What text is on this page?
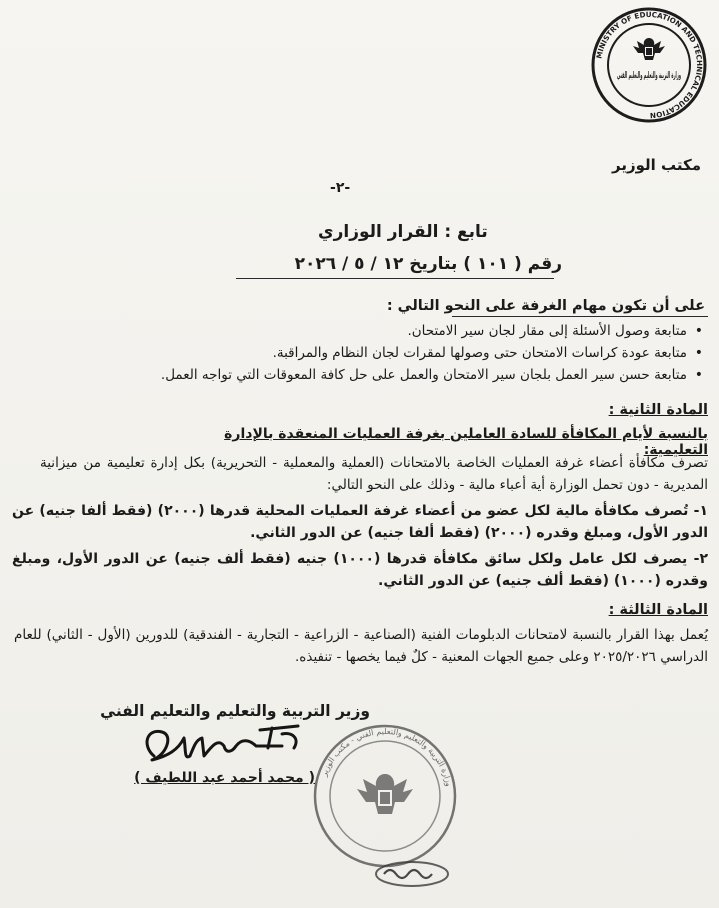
MINISTRY OF EDUCATION AND TECHNICAL EDUCATION
وزارة التربية والتعليم والتعليم الفني
مكتب الوزير
-٢-
تابع : القرار الوزاري
رقم ( ١٠١ ) بتاريخ ١٢ / ٥ / ٢٠٢٦
على أن تكون مهام الغرفة على النحو التالي :
• متابعة وصول الأسئلة إلى مقار لجان سير الامتحان.
• متابعة عودة كراسات الامتحان حتى وصولها لمقرات لجان النظام والمراقبة.
• متابعة حسن سير العمل بلجان سير الامتحان والعمل على حل كافة المعوقات التي تواجه العمل.
المادة الثانية :
بالنسبة لأيام المكافأة للسادة العاملين بغرفة العمليات المنعقدة بالإدارة التعليمية:
تصرف مكافأة أعضاء غرفة العمليات الخاصة بالامتحانات (العملية والمعملية - التحريرية) بكل إدارة تعليمية من ميزانية المديرية - دون تحمل الوزارة أية أعباء مالية - وذلك على النحو التالي:
١- تُصرف مكافأة مالية لكل عضو من أعضاء غرفة العمليات المحلية قدرها (٢٠٠٠) (فقط ألفا جنيه) عن الدور الأول، ومبلغ وقدره (٢٠٠٠) (فقط ألفا جنيه) عن الدور الثاني.
٢- يصرف لكل عامل ولكل سائق مكافأة قدرها (١٠٠٠) جنيه (فقط ألف جنيه) عن الدور الأول، ومبلغ وقدره (١٠٠٠) (فقط ألف جنيه) عن الدور الثاني.
المادة الثالثة :
يُعمل بهذا القرار بالنسبة لامتحانات الدبلومات الفنية (الصناعية - الزراعية - التجارية - الفندقية) للدورين (الأول - الثاني) للعام الدراسي ٢٠٢٥/٢٠٢٦ وعلى جميع الجهات المعنية - كلٌ فيما يخصها - تنفيذه.
وزير التربية والتعليم والتعليم الفني
( محمد أحمد عبد اللطيف ) وزارة التربية والتعليم والتعليم الفني - مكتب الوزير
